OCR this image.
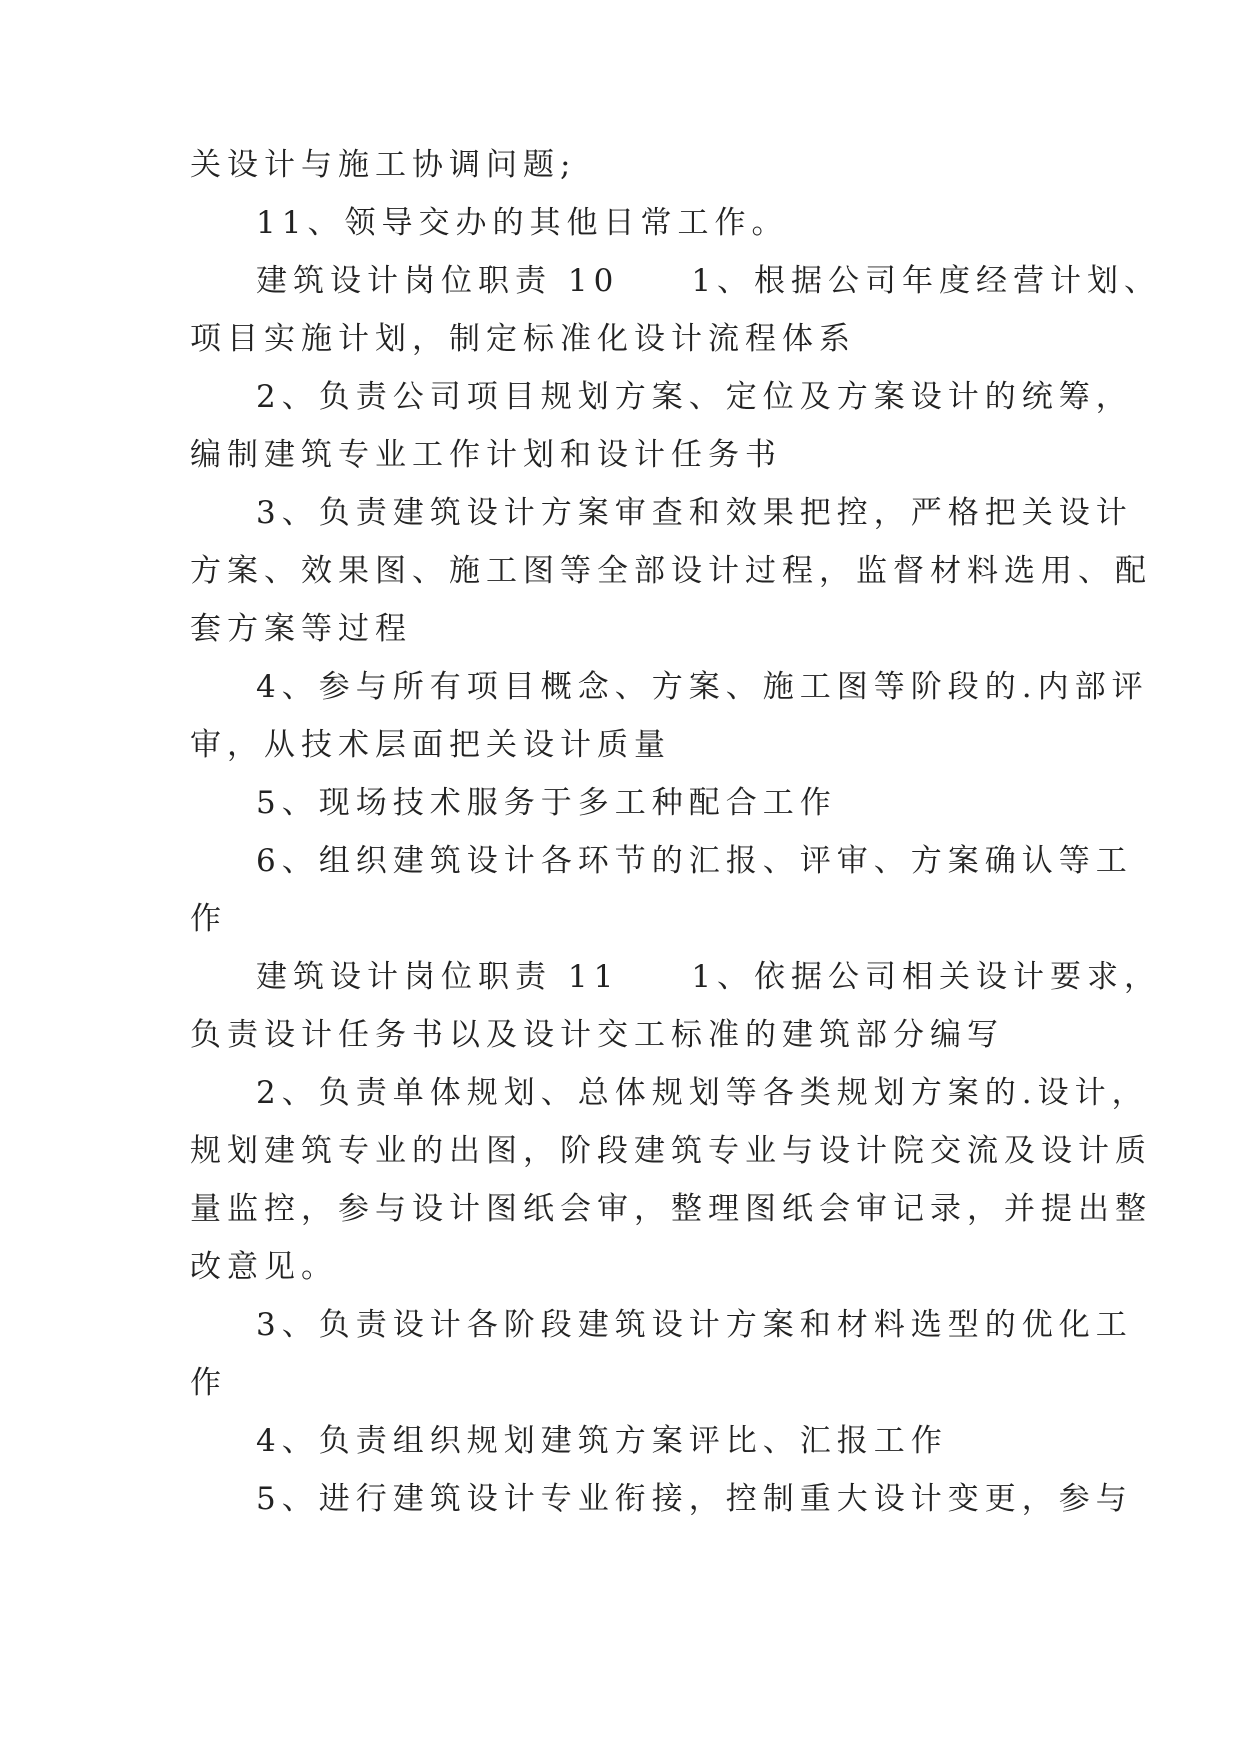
关设计与施工协调问题;

11、领导交办的其他日常工作。

建筑设计岗位职责 10 1、根据公司年度经营计划、

项目实施计划，制定标准化设计流程体系

2、负责公司项目规划方案、定位及方案设计的统筹，

编制建筑专业工作计划和设计任务书

3、负责建筑设计方案审查和效果把控，严格把关设计

方案、效果图、施工图等全部设计过程，监督材料选用、配

套方案等过程

4、参与所有项目概念、方案、施工图等阶段的.内部评

审，从技术层面把关设计质量

5、现场技术服务于多工种配合工作

6、组织建筑设计各环节的汇报、评审、方案确认等工

作

建筑设计岗位职责 11 1、依据公司相关设计要求，

负责设计任务书以及设计交工标准的建筑部分编写

2、负责单体规划、总体规划等各类规划方案的.设计，

规划建筑专业的出图，阶段建筑专业与设计院交流及设计质

量监控，参与设计图纸会审，整理图纸会审记录，并提出整

改意见。

3、负责设计各阶段建筑设计方案和材料选型的优化工

作

4、负责组织规划建筑方案评比、汇报工作

5、进行建筑设计专业衔接，控制重大设计变更，参与
